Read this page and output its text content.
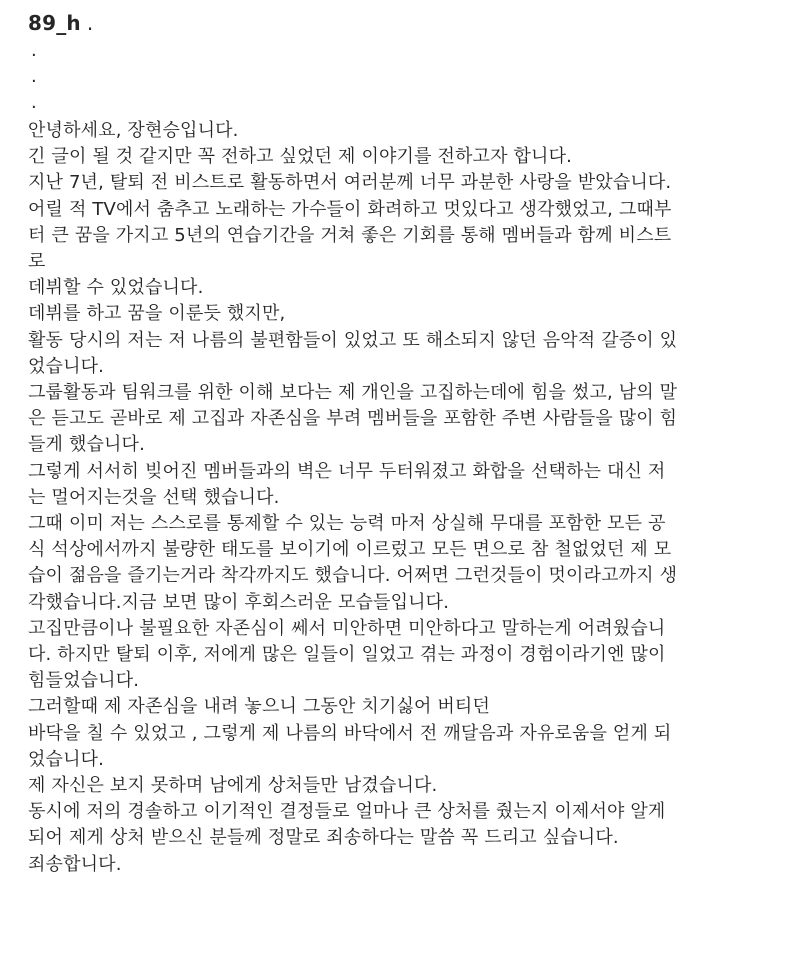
89_h .
.
.
.
안녕하세요, 장현승입니다.
긴 글이 될 것 같지만 꼭 전하고 싶었던 제 이야기를 전하고자 합니다.
지난 7년, 탈퇴 전 비스트로 활동하면서 여러분께 너무 과분한 사랑을 받았습니다.
어릴 적 TV에서 춤추고 노래하는 가수들이 화려하고 멋있다고 생각했었고, 그때부
터 큰 꿈을 가지고 5년의 연습기간을 거쳐 좋은 기회를 통해 멤버들과 함께 비스트
로
데뷔할 수 있었습니다.
데뷔를 하고 꿈을 이룬듯 했지만,
활동 당시의 저는 저 나름의 불편함들이 있었고 또 해소되지 않던 음악적 갈증이 있
었습니다.
그룹활동과 팀워크를 위한 이해 보다는 제 개인을 고집하는데에 힘을 썼고, 남의 말
은 듣고도 곧바로 제 고집과 자존심을 부려 멤버들을 포함한 주변 사람들을 많이 힘
들게 했습니다.
그렇게 서서히 빚어진 멤버들과의 벽은 너무 두터워졌고 화합을 선택하는 대신 저
는 멀어지는것을 선택 했습니다.
그때 이미 저는 스스로를 통제할 수 있는 능력 마저 상실해 무대를 포함한 모든 공
식 석상에서까지 불량한 태도를 보이기에 이르렀고 모든 면으로 참 철없었던 제 모
습이 젊음을 즐기는거라 착각까지도 했습니다. 어쩌면 그런것들이 멋이라고까지 생
각했습니다.지금 보면 많이 후회스러운 모습들입니다.
고집만큼이나 불필요한 자존심이 쎄서 미안하면 미안하다고 말하는게 어려웠습니
다. 하지만 탈퇴 이후, 저에게 많은 일들이 일었고 겪는 과정이 경험이라기엔 많이
힘들었습니다.
그러할때 제 자존심을 내려 놓으니 그동안 치기싫어 버티던
바닥을 칠 수 있었고 , 그렇게 제 나름의 바닥에서 전 깨달음과 자유로움을 얻게 되
었습니다.
제 자신은 보지 못하며 남에게 상처들만 남겼습니다.
동시에 저의 경솔하고 이기적인 결정들로 얼마나 큰 상처를 줬는지 이제서야 알게
되어 제게 상처 받으신 분들께 정말로 죄송하다는 말씀 꼭 드리고 싶습니다.
죄송합니다.
